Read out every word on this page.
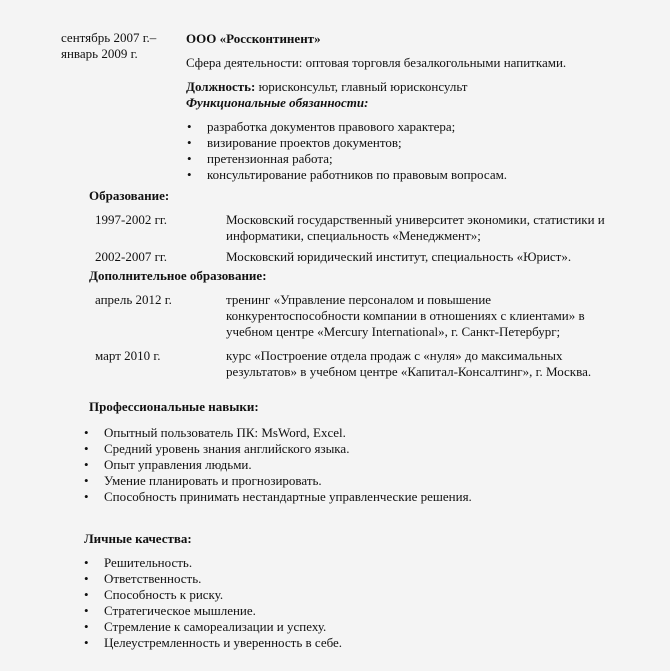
сентябрь 2007 г.–
январь 2009 г.
ООО «Россконтинент»
Сфера деятельности: оптовая торговля безалкогольными напитками.
Должность: юрисконсульт, главный юрисконсульт
Функциональные обязанности:
• разработка документов правового характера;
• визирование проектов документов;
• претензионная работа;
• консультирование работников по правовым вопросам.
Образование:
1997-2002 гг.	Московский государственный университет экономики, статистики и
информатики, специальность «Менеджмент»;
2002-2007 гг.	Московский юридический институт, специальность «Юрист».
Дополнительное образование:
апрель 2012 г.	тренинг «Управление персоналом и повышение
конкурентоспособности компании в отношениях с клиентами» в
учебном центре «Mercury International», г. Санкт-Петербург;
март 2010 г.	курс «Построение отдела продаж с «нуля» до максимальных
результатов» в учебном центре «Капитал-Консалтинг», г. Москва.
Профессиональные навыки:
• Опытный пользователь ПК: MsWord, Excel.
• Средний уровень знания английского языка.
• Опыт управления людьми.
• Умение планировать и прогнозировать.
• Способность принимать нестандартные управленческие решения.
Личные качества:
• Решительность.
• Ответственность.
• Способность к риску.
• Стратегическое мышление.
• Стремление к самореализации и успеху.
• Целеустремленность и уверенность в себе.
